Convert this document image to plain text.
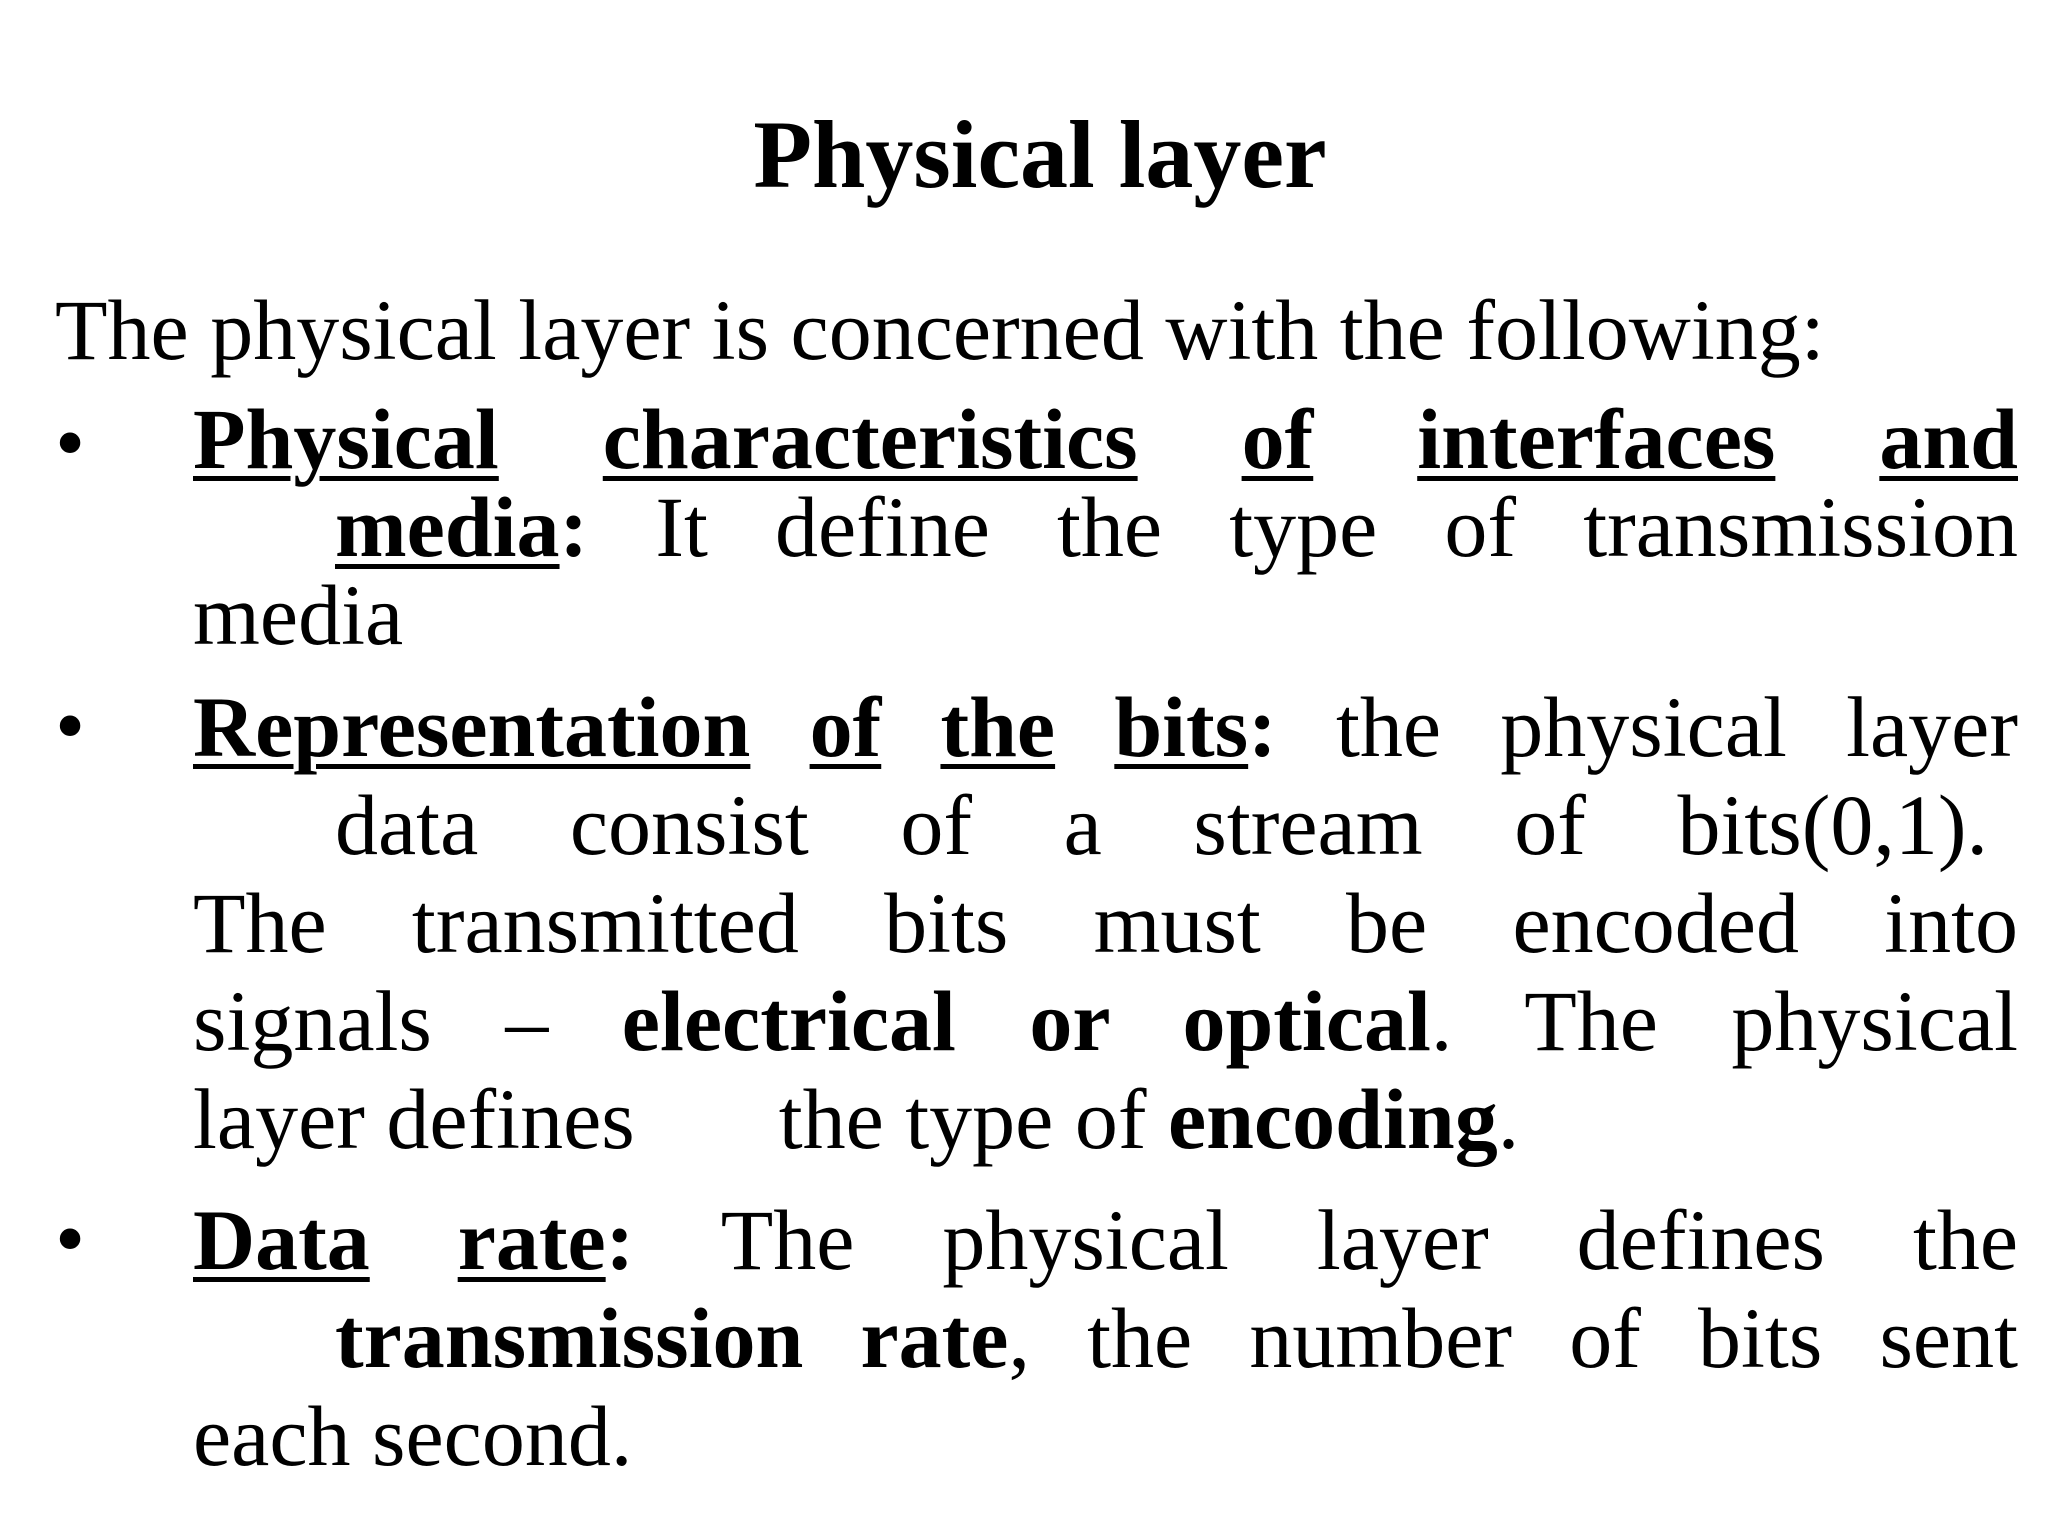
Physical layer

The physical layer is concerned with the following:

• Physical characteristics of interfaces and
media: It define the type of transmission
media
• Representation of the bits: the physical layer
data consist of a stream of bits(0,1).
The transmitted bits must be encoded into
signals – electrical or optical. The physical
layer defines the type of encoding.
• Data rate: The physical layer defines the
transmission rate, the number of bits sent
each second.
